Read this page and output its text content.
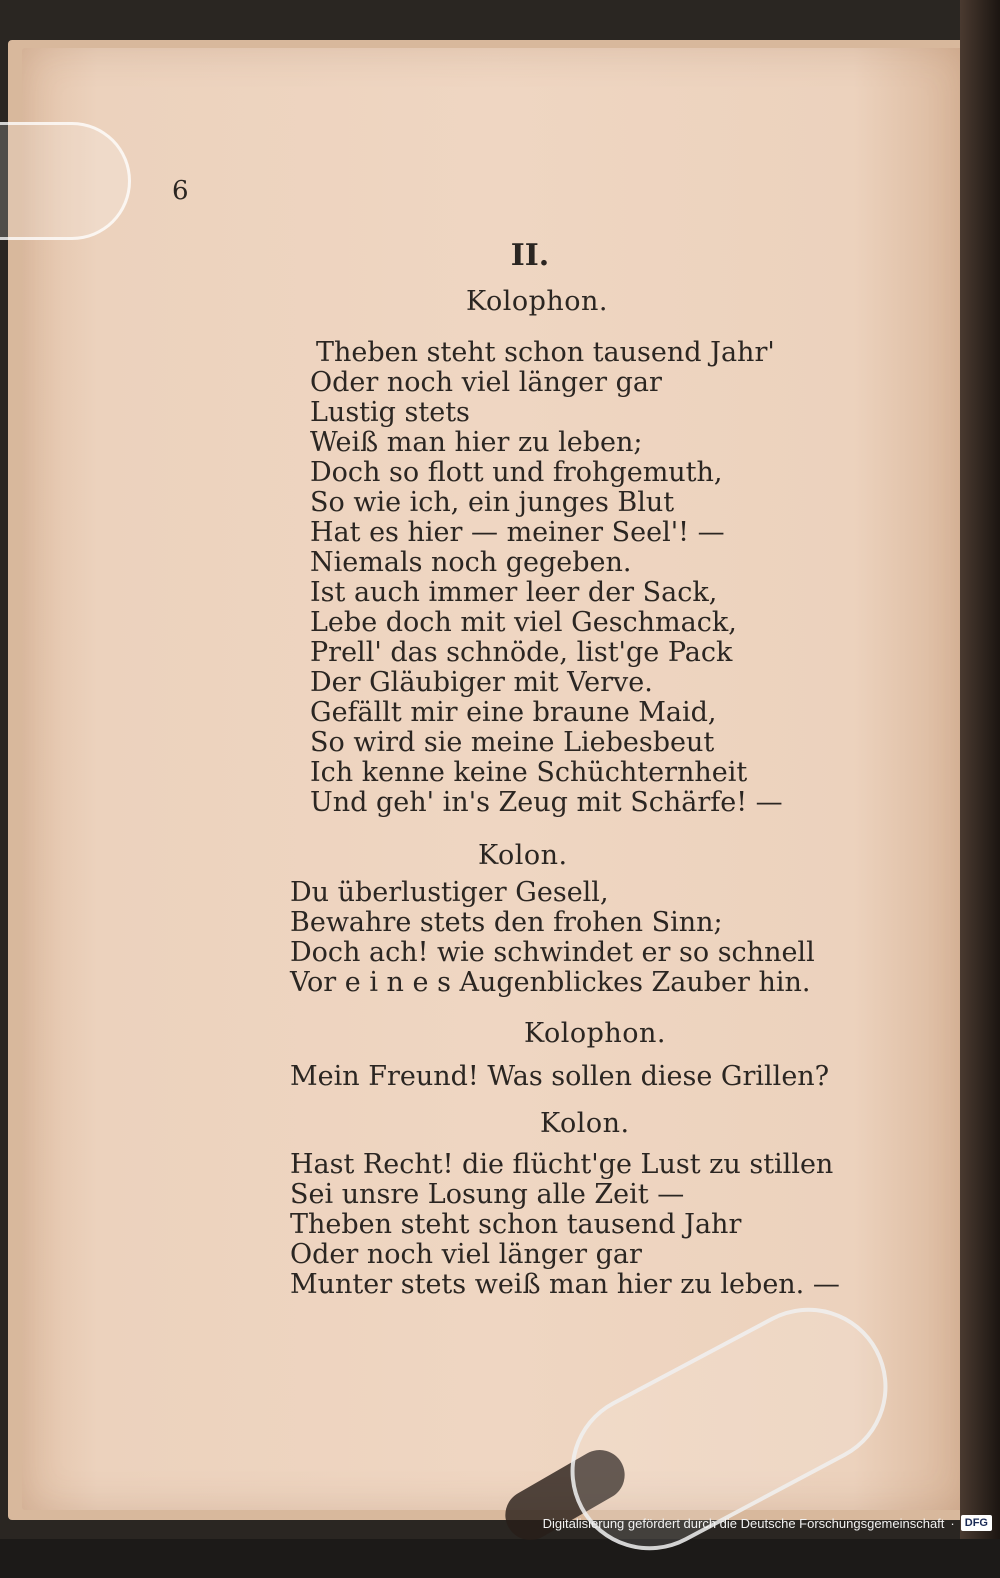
6
II.
Kolophon.
Theben steht schon tausend Jahr'
Oder noch viel länger gar
Lustig stets
Weiß man hier zu leben;
Doch so flott und frohgemuth,
So wie ich, ein junges Blut
Hat es hier — meiner Seel'! —
Niemals noch gegeben.
Ist auch immer leer der Sack,
Lebe doch mit viel Geschmack,
Prell' das schnöde, list'ge Pack
Der Gläubiger mit Verve.
Gefällt mir eine braune Maid,
So wird sie meine Liebesbeut
Ich kenne keine Schüchternheit
Und geh' in's Zeug mit Schärfe! —
Kolon.
Du überlustiger Gesell,
Bewahre stets den frohen Sinn;
Doch ach! wie schwindet er so schnell
Vor e i n e s Augenblickes Zauber hin.
Kolophon.
Mein Freund! Was sollen diese Grillen?
Kolon.
Hast Recht! die flücht'ge Lust zu stillen
Sei unsre Losung alle Zeit —
Theben steht schon tausend Jahr
Oder noch viel länger gar
Munter stets weiß man hier zu leben. —
Digitalisierung gefördert durch die Deutsche Forschungsgemeinschaft · DFG
